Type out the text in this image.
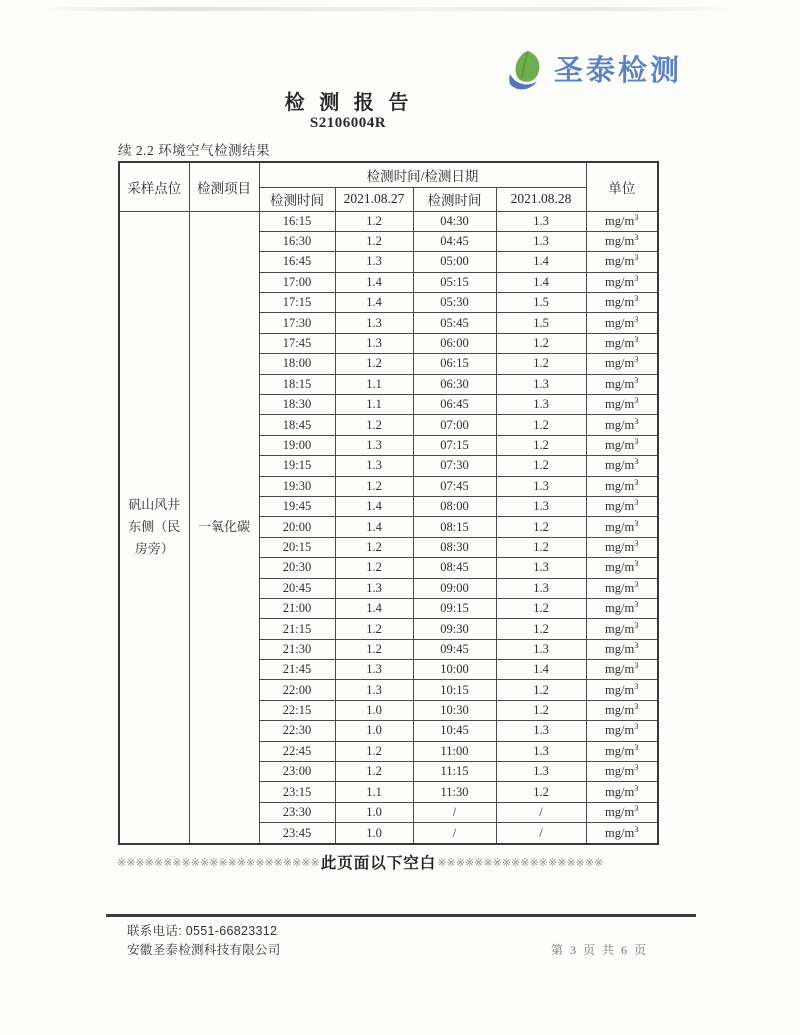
圣泰检测
检 测 报 告
S2106004R
续 2.2 环境空气检测结果
采样点位	检测项目	检测时间/检测日期				单位
		检测时间	2021.08.27	检测时间	2021.08.28	
矾山风井东侧（民房旁）	一氧化碳	16:15	1.2	04:30	1.3	$mg/m^3$
		16:30	1.2	04:45	1.3	$mg/m^3$
		16:45	1.3	05:00	1.4	$mg/m^3$
		17:00	1.4	05:15	1.4	$mg/m^3$
		17:15	1.4	05:30	1.5	$mg/m^3$
		17:30	1.3	05:45	1.5	$mg/m^3$
		17:45	1.3	06:00	1.2	$mg/m^3$
		18:00	1.2	06:15	1.2	$mg/m^3$
		18:15	1.1	06:30	1.3	$mg/m^3$
		18:30	1.1	06:45	1.3	$mg/m^3$
		18:45	1.2	07:00	1.2	$mg/m^3$
		19:00	1.3	07:15	1.2	$mg/m^3$
		19:15	1.3	07:30	1.2	$mg/m^3$
		19:30	1.2	07:45	1.3	$mg/m^3$
		19:45	1.4	08:00	1.3	$mg/m^3$
		20:00	1.4	08:15	1.2	$mg/m^3$
		20:15	1.2	08:30	1.2	$mg/m^3$
		20:30	1.2	08:45	1.3	$mg/m^3$
		20:45	1.3	09:00	1.3	$mg/m^3$
		21:00	1.4	09:15	1.2	$mg/m^3$
		21:15	1.2	09:30	1.2	$mg/m^3$
		21:30	1.2	09:45	1.3	$mg/m^3$
		21:45	1.3	10:00	1.4	$mg/m^3$
		22:00	1.3	10:15	1.2	$mg/m^3$
		22:15	1.0	10:30	1.2	$mg/m^3$
		22:30	1.0	10:45	1.3	$mg/m^3$
		22:45	1.2	11:00	1.3	$mg/m^3$
		23:00	1.2	11:15	1.3	$mg/m^3$
		23:15	1.1	11:30	1.2	$mg/m^3$
		23:30	1.0	/	/	$mg/m^3$
		23:45	1.0	/	/	$mg/m^3$
※※※※※※※※※※※※※※※※※※※※※※ 此页面以下空白 ※※※※※※※※※※※※※※※※※※
联系电话: 0551-66823312
安徽圣泰检测科技有限公司	第 3 页 共 6 页
